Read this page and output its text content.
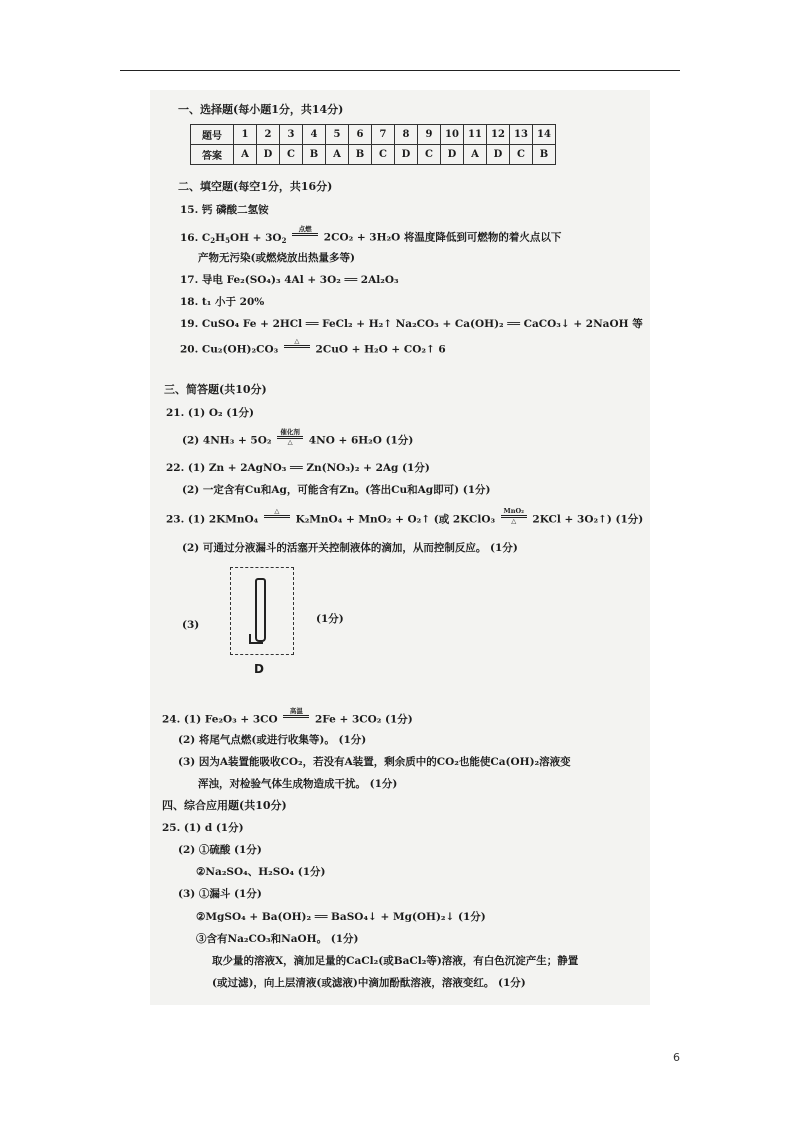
一、选择题(每小题1分，共14分)
题号	1	2	3	4	5	6	7	8	9	10	11	12	13	14
答案	A	D	C	B	A	B	C	D	C	D	A	D	C	B
二、填空题(每空1分，共16分)
15. 钙 磷酸二氢铵
16. $C_2H_5OH + 3O_2$
点燃
2CO₂ + 3H₂O 将温度降低到可燃物的着火点以下
产物无污染(或燃烧放出热量多等)
17. 导电 Fe₂(SO₄)₃ 4Al + 3O₂ ══ 2Al₂O₃
18. t₁ 小于 20%
19. CuSO₄ Fe + 2HCl ══ FeCl₂ + H₂↑ Na₂CO₃ + Ca(OH)₂ ══ CaCO₃↓ + 2NaOH 等
20. Cu₂(OH)₂CO₃
△
2CuO + H₂O + CO₂↑ 6
三、简答题(共10分)
21. (1) O₂ (1分)
(2) 4NH₃ + 5O₂
催化剂
△ 4NO + 6H₂O (1分)
22. (1) Zn + 2AgNO₃ ══ Zn(NO₃)₂ + 2Ag (1分)
(2) 一定含有Cu和Ag，可能含有Zn。(答出Cu和Ag即可) (1分)
23. (1) 2KMnO₄
△
K₂MnO₄ + MnO₂ + O₂↑ (或 2KClO₃
MnO₂
△ 2KCl + 3O₂↑) (1分)
(2) 可通过分液漏斗的活塞开关控制液体的滴加，从而控制反应。 (1分)
(3)	(1分)
D
24. (1) Fe₂O₃ + 3CO
高温
2Fe + 3CO₂ (1分)
(2) 将尾气点燃(或进行收集等)。 (1分)
(3) 因为A装置能吸收CO₂，若没有A装置，剩余质中的CO₂也能使Ca(OH)₂溶液变
浑浊，对检验气体生成物造成干扰。 (1分)
四、综合应用题(共10分)
25. (1) d (1分)
(2) ①硫酸 (1分)
②Na₂SO₄、H₂SO₄ (1分)
(3) ①漏斗 (1分)
②MgSO₄ + Ba(OH)₂ ══ BaSO₄↓ + Mg(OH)₂↓ (1分)
③含有Na₂CO₃和NaOH。 (1分)
取少量的溶液X，滴加足量的CaCl₂(或BaCl₂等)溶液，有白色沉淀产生；静置
(或过滤)，向上层清液(或滤液)中滴加酚酞溶液，溶液变红。 (1分)
6
